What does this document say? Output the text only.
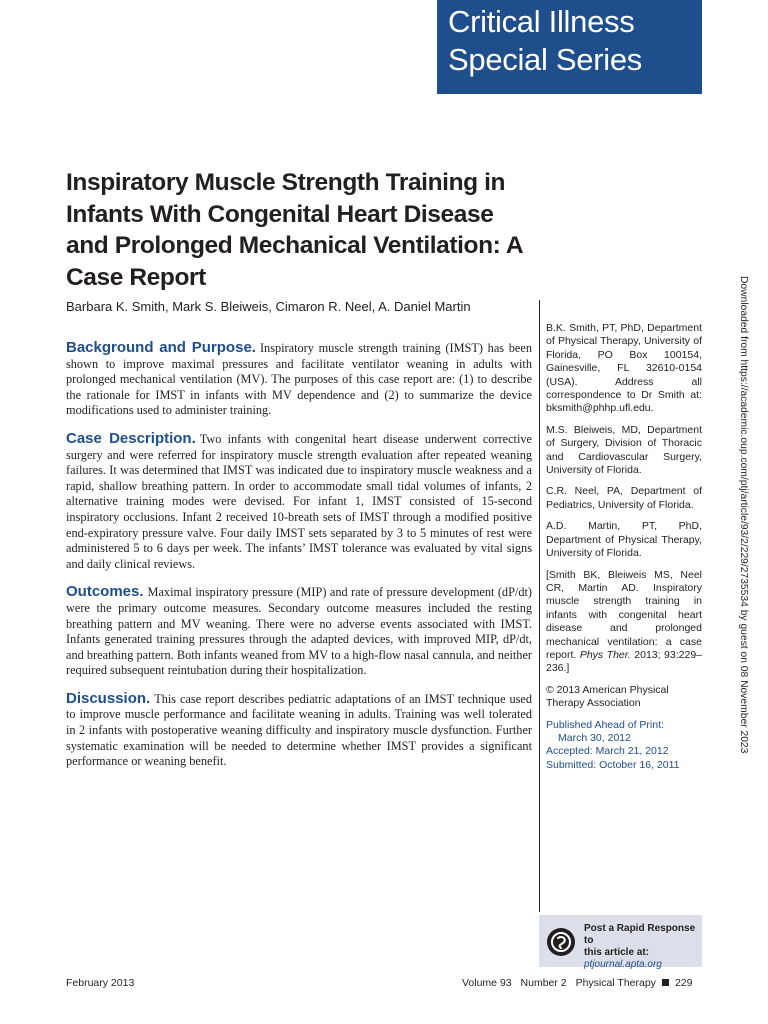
Critical Illness
Special Series
Inspiratory Muscle Strength Training in Infants With Congenital Heart Disease and Prolonged Mechanical Ventilation: A Case Report
Barbara K. Smith, Mark S. Bleiweis, Cimaron R. Neel, A. Daniel Martin

Background and Purpose. Inspiratory muscle strength training (IMST) has been shown to improve maximal pressures and facilitate ventilator weaning in adults with prolonged mechanical ventilation (MV). The purposes of this case report are: (1) to describe the rationale for IMST in infants with MV dependence and (2) to summarize the device modifications used to administer training.

Case Description. Two infants with congenital heart disease underwent corrective surgery and were referred for inspiratory muscle strength evaluation after repeated weaning failures. It was determined that IMST was indicated due to inspiratory muscle weakness and a rapid, shallow breathing pattern. In order to accommodate small tidal volumes of infants, 2 alternative training modes were devised. For infant 1, IMST consisted of 15-second inspiratory occlusions. Infant 2 received 10-breath sets of IMST through a modified positive end-expiratory pressure valve. Four daily IMST sets separated by 3 to 5 minutes of rest were administered 5 to 6 days per week. The infants’ IMST tolerance was evaluated by vital signs and daily clinical reviews.

Outcomes. Maximal inspiratory pressure (MIP) and rate of pressure development (dP/dt) were the primary outcome measures. Secondary outcome measures included the resting breathing pattern and MV weaning. There were no adverse events associated with IMST. Infants generated training pressures through the adapted devices, with improved MIP, dP/dt, and breathing pattern. Both infants weaned from MV to a high-flow nasal cannula, and neither required subsequent reintubation during their hospitalization.

Discussion. This case report describes pediatric adaptations of an IMST technique used to improve muscle performance and facilitate weaning in adults. Training was well tolerated in 2 infants with postoperative weaning difficulty and inspiratory muscle dysfunction. Further systematic examination will be needed to determine whether IMST provides a significant performance or weaning benefit.

B.K. Smith, PT, PhD, Department of Physical Therapy, University of Florida, PO Box 100154, Gainesville, FL 32610-0154 (USA). Address all correspondence to Dr Smith at: bksmith@phhp.ufl.edu.

M.S. Bleiweis, MD, Department of Surgery, Division of Thoracic and Cardiovascular Surgery, University of Florida.

C.R. Neel, PA, Department of Pediatrics, University of Florida.

A.D. Martin, PT, PhD, Department of Physical Therapy, University of Florida.

[Smith BK, Bleiweis MS, Neel CR, Martin AD. Inspiratory muscle strength training in infants with congenital heart disease and prolonged mechanical ventilation: a case report. Phys Ther. 2013; 93:229–236.]

© 2013 American Physical Therapy Association

Published Ahead of Print:

March 30, 2012
Accepted: March 21, 2012
Submitted: October 16, 2011

Downloaded from https://academic.oup.com/ptj/article/93/2/229/2735534 by guest on 08 November 2023
Post a Rapid Response to
this article at:
ptjournal.apta.org
February 2013	Volume 93 Number 2 Physical Therapy 229
